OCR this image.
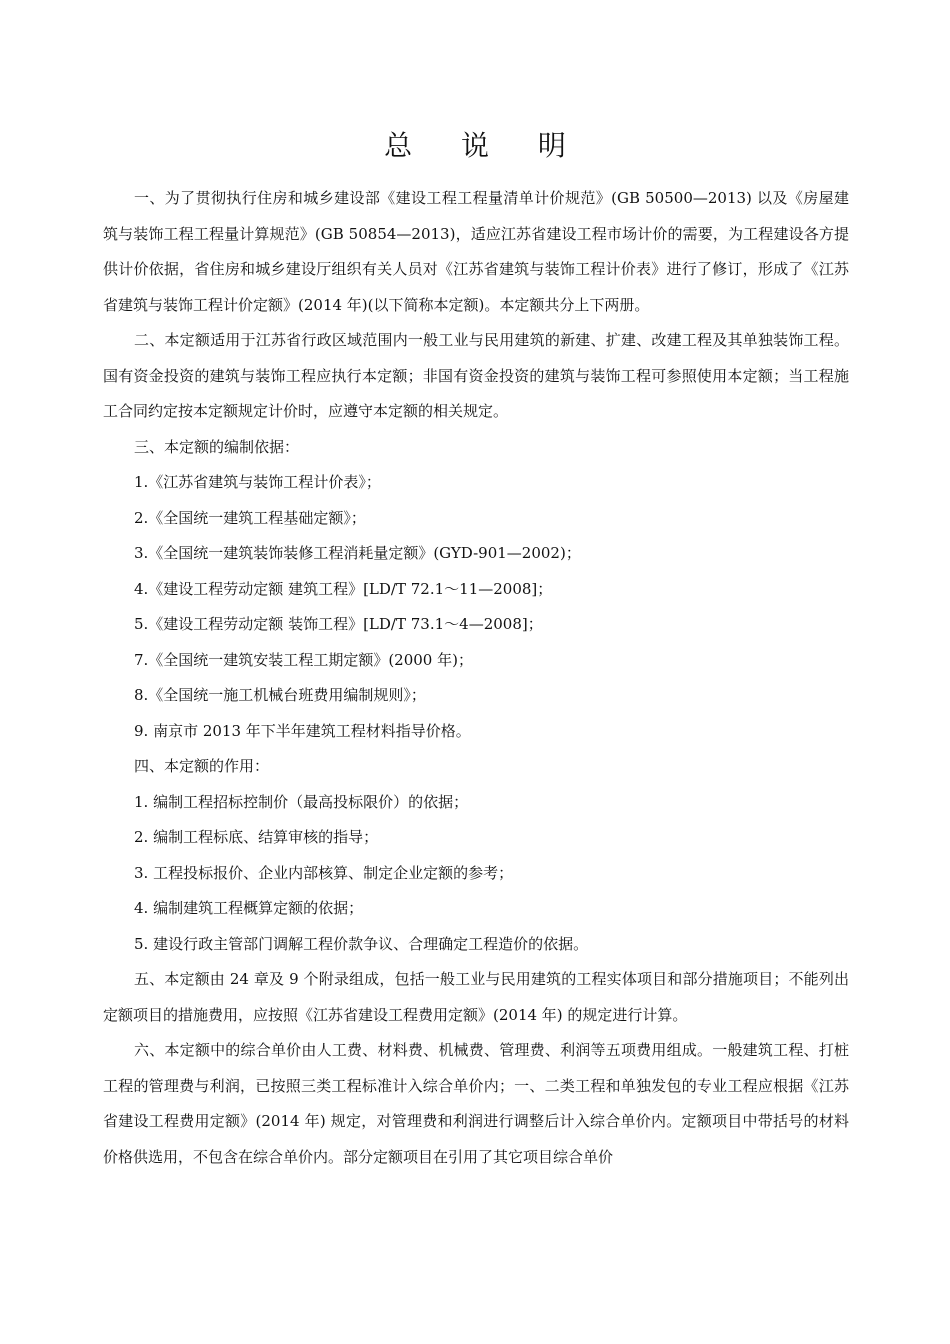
总 说 明

一、为了贯彻执行住房和城乡建设部《建设工程工程量清单计价规范》(GB 50500—2013) 以及《房屋建筑与装饰工程工程量计算规范》(GB 50854—2013)，适应江苏省建设工程市场计价的需要，为工程建设各方提供计价依据，省住房和城乡建设厅组织有关人员对《江苏省建筑与装饰工程计价表》进行了修订，形成了《江苏省建筑与装饰工程计价定额》(2014 年)(以下简称本定额)。本定额共分上下两册。

二、本定额适用于江苏省行政区域范围内一般工业与民用建筑的新建、扩建、改建工程及其单独装饰工程。国有资金投资的建筑与装饰工程应执行本定额；非国有资金投资的建筑与装饰工程可参照使用本定额；当工程施工合同约定按本定额规定计价时，应遵守本定额的相关规定。

三、本定额的编制依据：

1.《江苏省建筑与装饰工程计价表》；

2.《全国统一建筑工程基础定额》；

3.《全国统一建筑装饰装修工程消耗量定额》(GYD-901—2002)；

4.《建设工程劳动定额 建筑工程》[LD/T 72.1～11—2008]；

5.《建设工程劳动定额 装饰工程》[LD/T 73.1～4—2008]；

7.《全国统一建筑安装工程工期定额》(2000 年)；

8.《全国统一施工机械台班费用编制规则》；

9. 南京市 2013 年下半年建筑工程材料指导价格。

四、本定额的作用：

1. 编制工程招标控制价（最高投标限价）的依据；

2. 编制工程标底、结算审核的指导；

3. 工程投标报价、企业内部核算、制定企业定额的参考；

4. 编制建筑工程概算定额的依据；

5. 建设行政主管部门调解工程价款争议、合理确定工程造价的依据。

五、本定额由 24 章及 9 个附录组成，包括一般工业与民用建筑的工程实体项目和部分措施项目；不能列出定额项目的措施费用，应按照《江苏省建设工程费用定额》(2014 年) 的规定进行计算。

六、本定额中的综合单价由人工费、材料费、机械费、管理费、利润等五项费用组成。一般建筑工程、打桩工程的管理费与利润，已按照三类工程标准计入综合单价内；一、二类工程和单独发包的专业工程应根据《江苏省建设工程费用定额》(2014 年) 规定，对管理费和利润进行调整后计入综合单价内。定额项目中带括号的材料价格供选用，不包含在综合单价内。部分定额项目在引用了其它项目综合单价
